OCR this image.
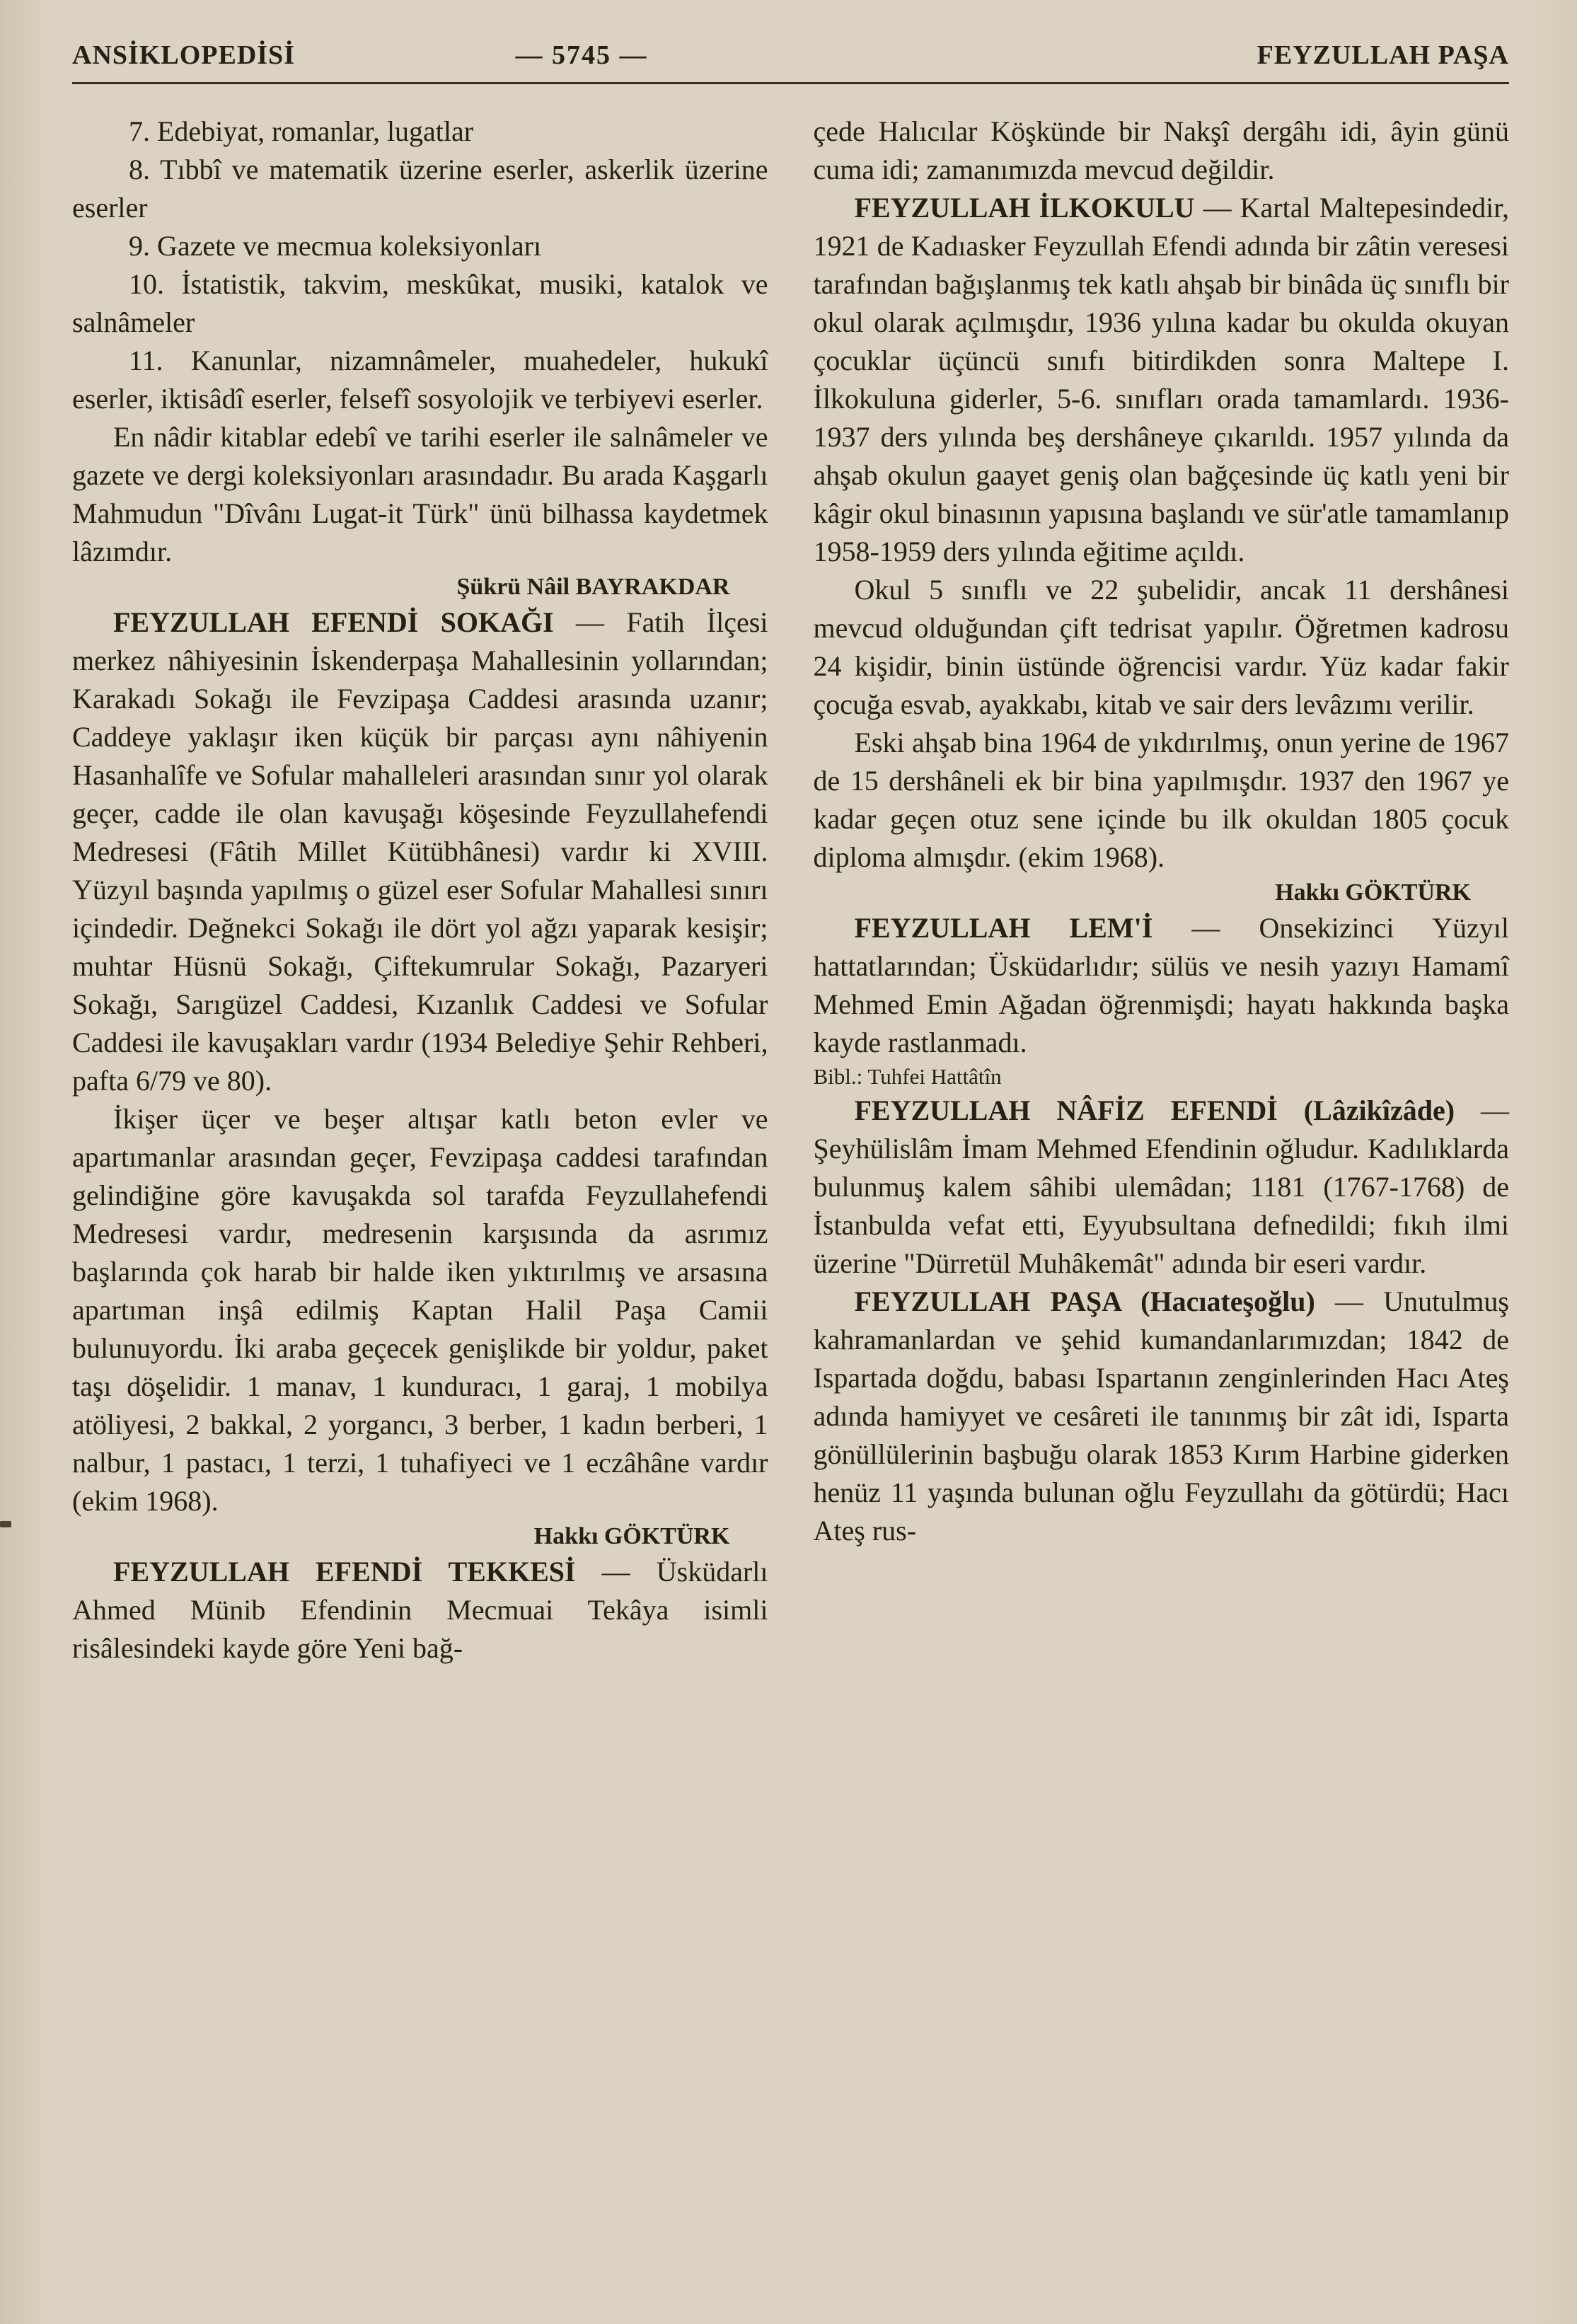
ANSİKLOPEDİSİ	— 5745 —	FEYZULLAH PAŞA

7. Edebiyat, romanlar, lugatlar

8. Tıbbî ve matematik üzerine eserler, askerlik üzerine eserler

9. Gazete ve mecmua koleksiyonları

10. İstatistik, takvim, meskûkat, musiki, katalok ve salnâmeler

11. Kanunlar, nizamnâmeler, muahedeler, hukukî eserler, iktisâdî eserler, felsefî sosyolojik ve terbiyevi eserler.

En nâdir kitablar edebî ve tarihi eserler ile salnâmeler ve gazete ve dergi koleksiyonları arasındadır. Bu arada Kaşgarlı Mahmudun "Dîvânı Lugat-it Türk" ünü bilhassa kaydetmek lâzımdır.

Şükrü Nâil BAYRAKDAR

FEYZULLAH EFENDİ SOKAĞI — Fatih İlçesi merkez nâhiyesinin İskenderpaşa Mahallesinin yollarından; Karakadı Sokağı ile Fevzipaşa Caddesi arasında uzanır; Caddeye yaklaşır iken küçük bir parçası aynı nâhiyenin Hasanhalîfe ve Sofular mahalleleri arasından sınır yol olarak geçer, cadde ile olan kavuşağı köşesinde Feyzullahefendi Medresesi (Fâtih Millet Kütübhânesi) vardır ki XVIII. Yüzyıl başında yapılmış o güzel eser Sofular Mahallesi sınırı içindedir. Değnekci Sokağı ile dört yol ağzı yaparak kesişir; muhtar Hüsnü Sokağı, Çiftekumrular Sokağı, Pazaryeri Sokağı, Sarıgüzel Caddesi, Kızanlık Caddesi ve Sofular Caddesi ile kavuşakları vardır (1934 Belediye Şehir Rehberi, pafta 6/79 ve 80).

İkişer üçer ve beşer altışar katlı beton evler ve apartımanlar arasından geçer, Fevzipaşa caddesi tarafından gelindiğine göre kavuşakda sol tarafda Feyzullahefendi Medresesi vardır, medresenin karşısında da asrımız başlarında çok harab bir halde iken yıktırılmış ve arsasına apartıman inşâ edilmiş Kaptan Halil Paşa Camii bulunuyordu. İki araba geçecek genişlikde bir yoldur, paket taşı döşelidir. 1 manav, 1 kunduracı, 1 garaj, 1 mobilya atöliyesi, 2 bakkal, 2 yorgancı, 3 berber, 1 kadın berberi, 1 nalbur, 1 pastacı, 1 terzi, 1 tuhafiyeci ve 1 eczâhâne vardır (ekim 1968).

Hakkı GÖKTÜRK

FEYZULLAH EFENDİ TEKKESİ — Üsküdarlı Ahmed Münib Efendinin Mecmuai Tekâya isimli risâlesindeki kayde göre Yeni bağ-

çede Halıcılar Köşkünde bir Nakşî dergâhı idi, âyin günü cuma idi; zamanımızda mevcud değildir.

FEYZULLAH İLKOKULU — Kartal Maltepesindedir, 1921 de Kadıasker Feyzullah Efendi adında bir zâtin veresesi tarafından bağışlanmış tek katlı ahşab bir binâda üç sınıflı bir okul olarak açılmışdır, 1936 yılına kadar bu okulda okuyan çocuklar üçüncü sınıfı bitirdikden sonra Maltepe I. İlkokuluna giderler, 5-6. sınıfları orada tamamlardı. 1936-1937 ders yılında beş dershâneye çıkarıldı. 1957 yılında da ahşab okulun gaayet geniş olan bağçesinde üç katlı yeni bir kâgir okul binasının yapısına başlandı ve sür'atle tamamlanıp 1958-1959 ders yılında eğitime açıldı.

Okul 5 sınıflı ve 22 şubelidir, ancak 11 dershânesi mevcud olduğundan çift tedrisat yapılır. Öğretmen kadrosu 24 kişidir, binin üstünde öğrencisi vardır. Yüz kadar fakir çocuğa esvab, ayakkabı, kitab ve sair ders levâzımı verilir.

Eski ahşab bina 1964 de yıkdırılmış, onun yerine de 1967 de 15 dershâneli ek bir bina yapılmışdır. 1937 den 1967 ye kadar geçen otuz sene içinde bu ilk okuldan 1805 çocuk diploma almışdır. (ekim 1968).

Hakkı GÖKTÜRK

FEYZULLAH LEM'İ — Onsekizinci Yüzyıl hattatlarından; Üsküdarlıdır; sülüs ve nesih yazıyı Hamamî Mehmed Emin Ağadan öğrenmişdi; hayatı hakkında başka kayde rastlanmadı.

Bibl.: Tuhfei Hattâtîn

FEYZULLAH NÂFİZ EFENDİ (Lâzikîzâde) — Şeyhülislâm İmam Mehmed Efendinin oğludur. Kadılıklarda bulunmuş kalem sâhibi ulemâdan; 1181 (1767-1768) de İstanbulda vefat etti, Eyyubsultana defnedildi; fıkıh ilmi üzerine "Dürretül Muhâkemât" adında bir eseri vardır.

FEYZULLAH PAŞA (Hacıateşoğlu) — Unutulmuş kahramanlardan ve şehid kumandanlarımızdan; 1842 de Ispartada doğdu, babası Ispartanın zenginlerinden Hacı Ateş adında hamiyyet ve cesâreti ile tanınmış bir zât idi, Isparta gönüllülerinin başbuğu olarak 1853 Kırım Harbine giderken henüz 11 yaşında bulunan oğlu Feyzullahı da götürdü; Hacı Ateş rus-
